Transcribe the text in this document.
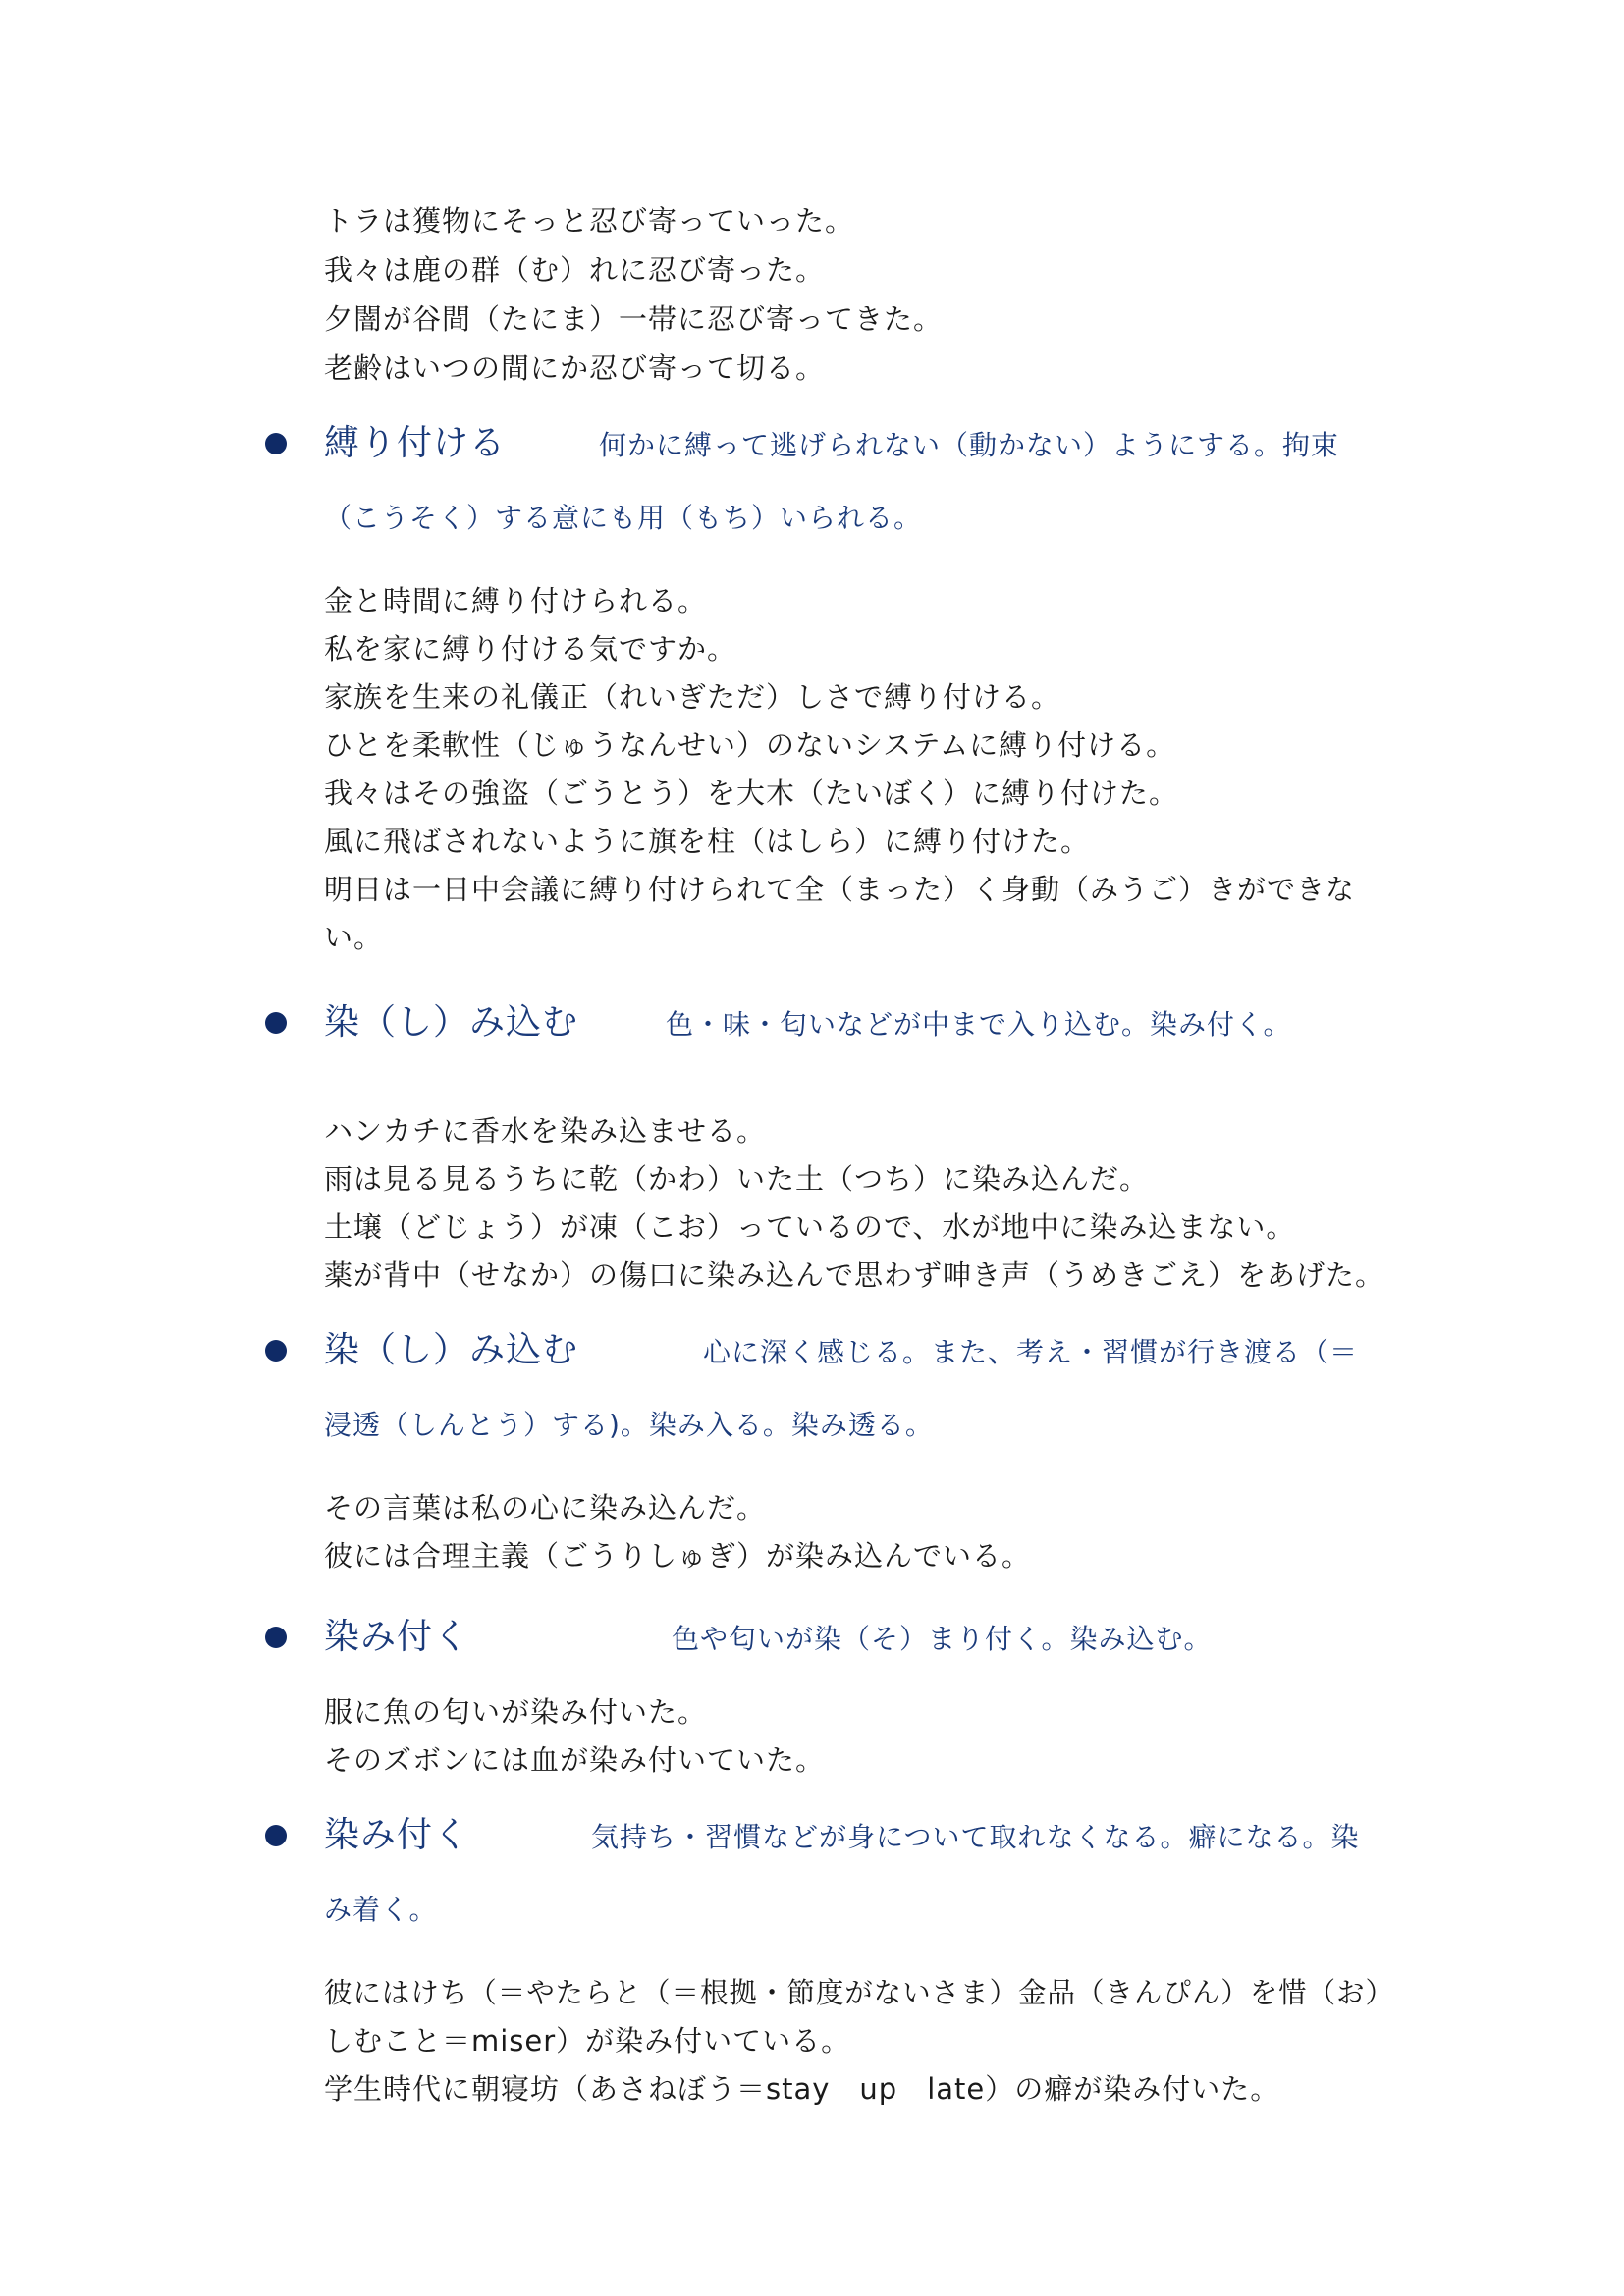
トラは獲物にそっと忍び寄っていった。
我々は鹿の群（む）れに忍び寄った。
夕闇が谷間（たにま）一帯に忍び寄ってきた。
老齢はいつの間にか忍び寄って切る。
縛り付ける	何かに縛って逃げられない（動かない）ようにする。拘束
（こうそく）する意にも用（もち）いられる。
金と時間に縛り付けられる。
私を家に縛り付ける気ですか。
家族を生来の礼儀正（れいぎただ）しさで縛り付ける。
ひとを柔軟性（じゅうなんせい）のないシステムに縛り付ける。
我々はその強盗（ごうとう）を大木（たいぼく）に縛り付けた。
風に飛ばされないように旗を柱（はしら）に縛り付けた。
明日は一日中会議に縛り付けられて全（まった）く身動（みうご）きができな
い。
染（し）み込む	色・味・匂いなどが中まで入り込む。染み付く。
ハンカチに香水を染み込ませる。
雨は見る見るうちに乾（かわ）いた土（つち）に染み込んだ。
土壌（どじょう）が凍（こお）っているので、水が地中に染み込まない。
薬が背中（せなか）の傷口に染み込んで思わず呻き声（うめきごえ）をあげた。
染（し）み込む	心に深く感じる。また、考え・習慣が行き渡る（＝
浸透（しんとう）する)。染み入る。染み透る。
その言葉は私の心に染み込んだ。
彼には合理主義（ごうりしゅぎ）が染み込んでいる。
染み付く	色や匂いが染（そ）まり付く。染み込む。
服に魚の匂いが染み付いた。
そのズボンには血が染み付いていた。
染み付く	気持ち・習慣などが身について取れなくなる。癖になる。染
み着く。
彼にはけち（＝やたらと（＝根拠・節度がないさま）金品（きんぴん）を惜（お）
しむこと＝miser）が染み付いている。
学生時代に朝寝坊（あさねぼう＝stay　up　late）の癖が染み付いた。
